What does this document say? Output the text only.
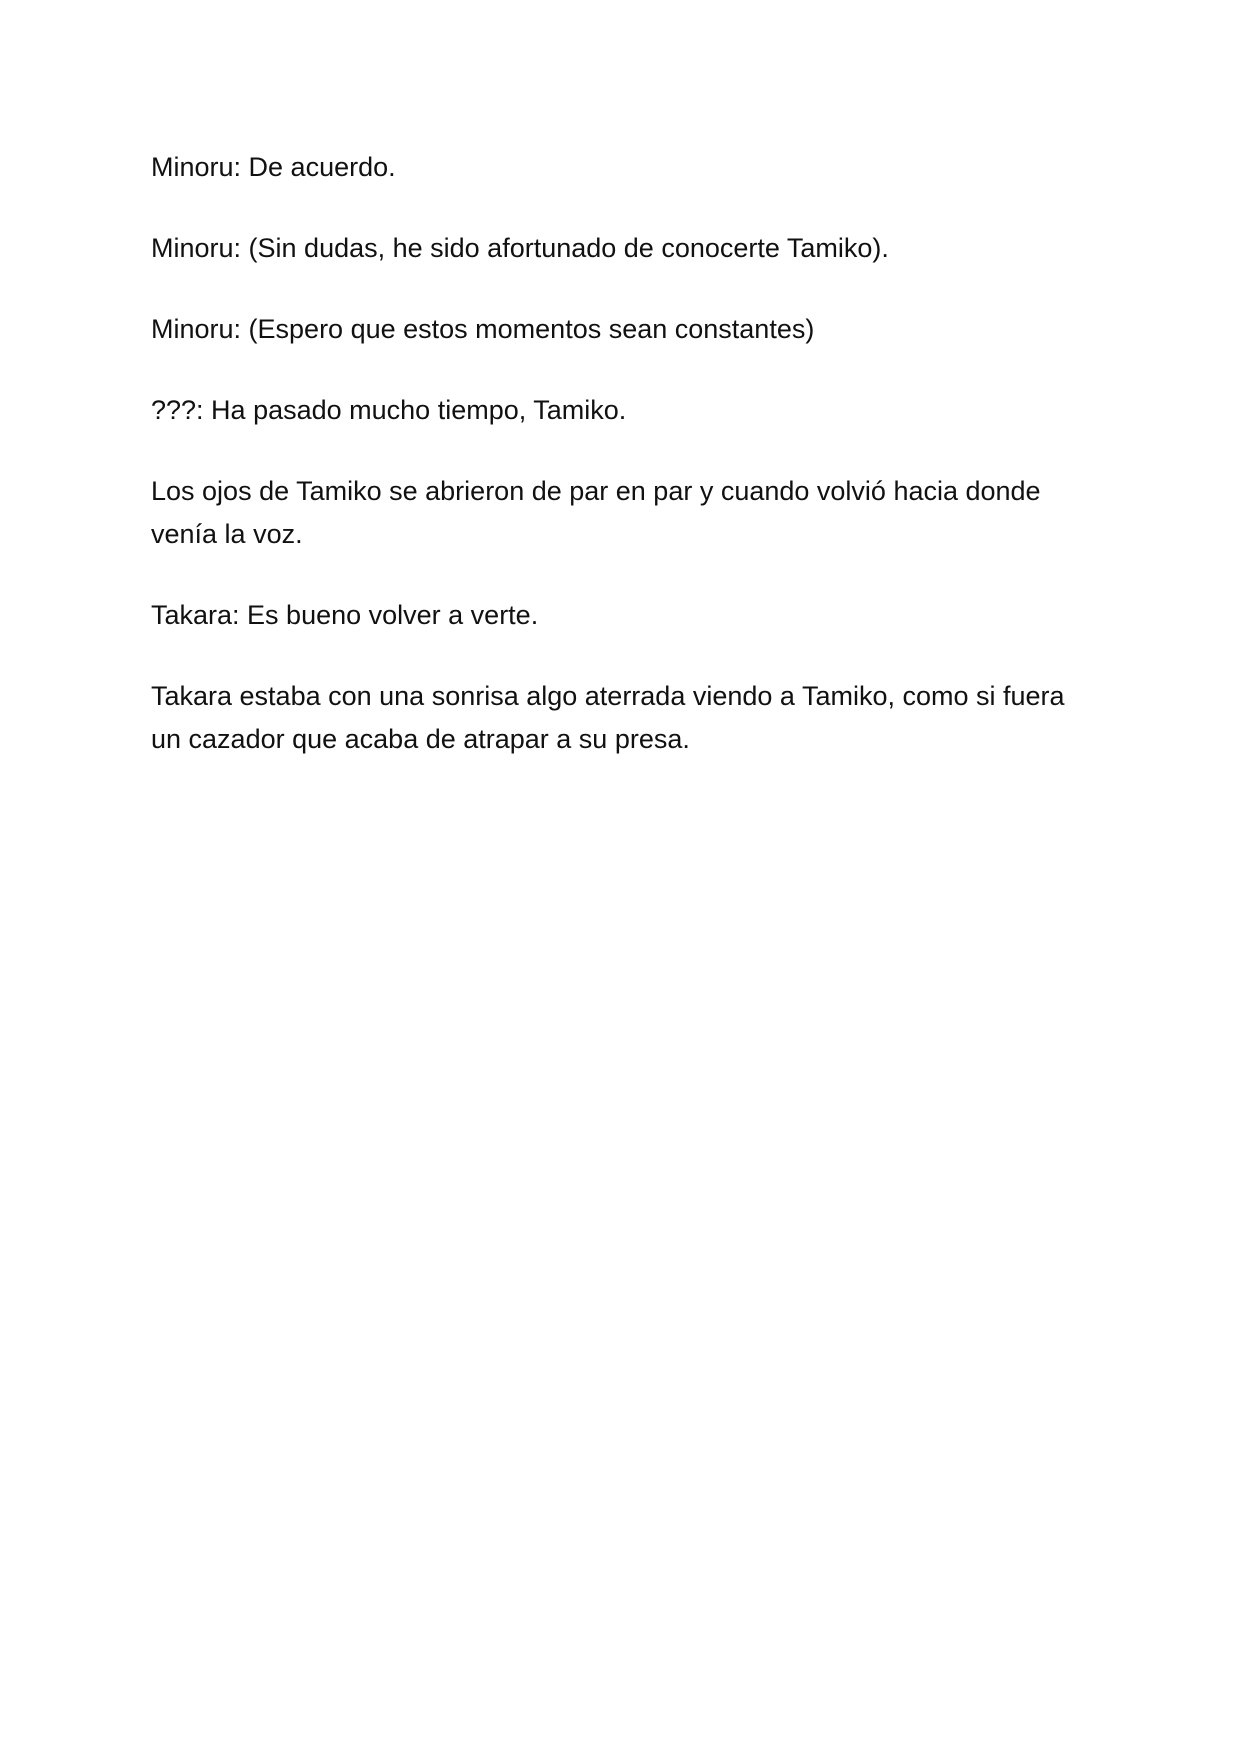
Minoru: De acuerdo.

Minoru: (Sin dudas, he sido afortunado de conocerte Tamiko).

Minoru: (Espero que estos momentos sean constantes)

???: Ha pasado mucho tiempo, Tamiko.

Los ojos de Tamiko se abrieron de par en par y cuando volvió hacia donde venía la voz.

Takara: Es bueno volver a verte.

Takara estaba con una sonrisa algo aterrada viendo a Tamiko, como si fuera un cazador que acaba de atrapar a su presa.
